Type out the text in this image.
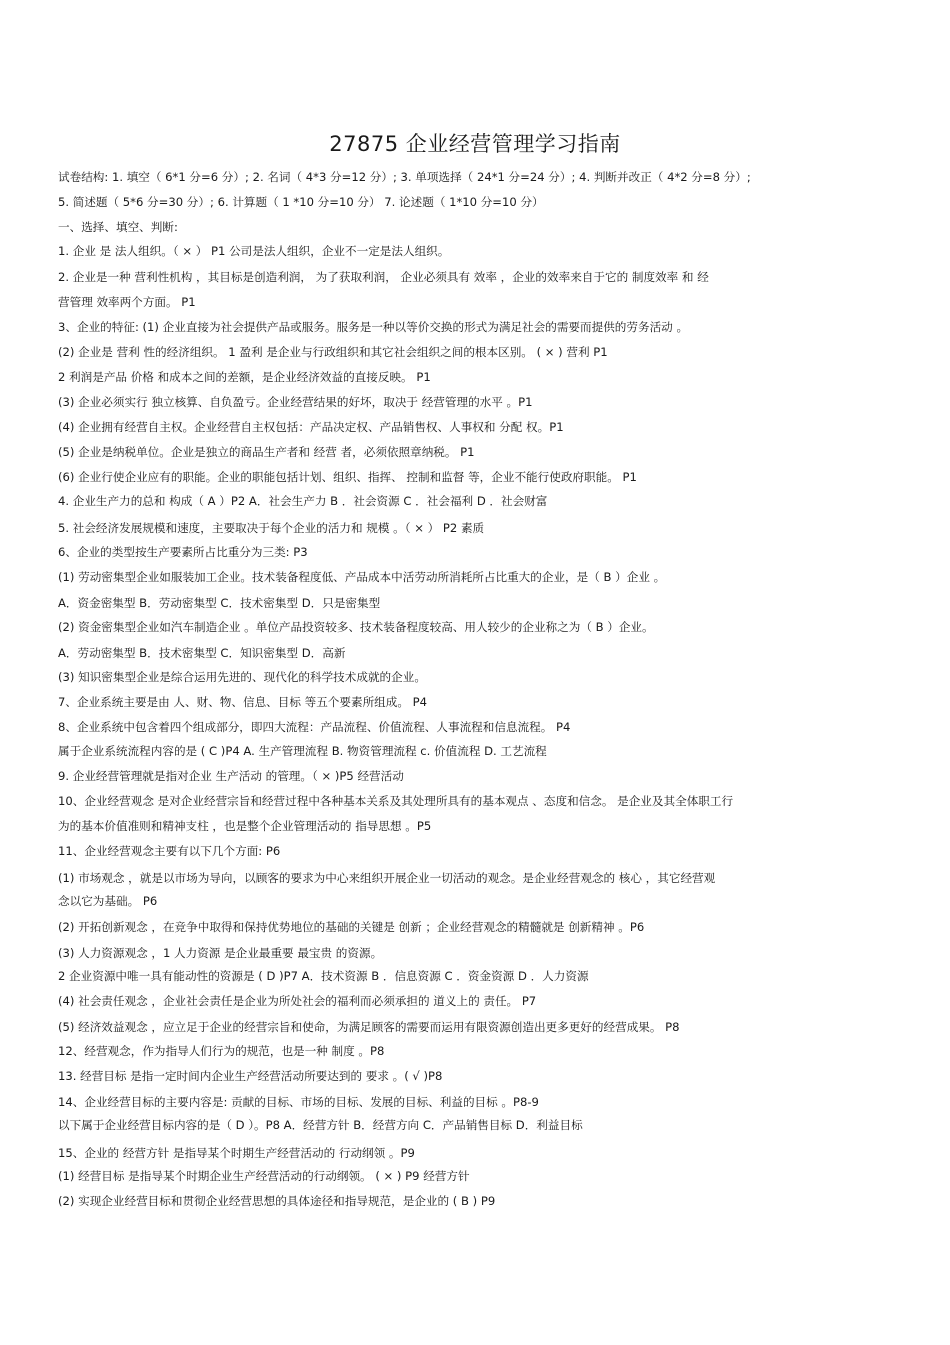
27875 企业经营管理学习指南

试卷结构: 1. 填空（ 6*1 分=6 分）; 2. 名词（ 4*3 分=12 分）; 3. 单项选择（ 24*1 分=24 分）; 4. 判断并改正（ 4*2 分=8 分）;

5. 简述题（ 5*6 分=30 分）; 6. 计算题（ 1 *10 分=10 分） 7. 论述题（ 1*10 分=10 分）

一、选择、填空、判断:

1. 企业 是 法人组织。（ × ） P1 公司是法人组织，企业不一定是法人组织。

2. 企业是一种 营利性机构 ，其目标是创造利润， 为了获取利润， 企业必须具有 效率 ，企业的效率来自于它的 制度效率 和 经

营管理 效率两个方面。 P1

3、企业的特征: (1) 企业直接为社会提供产品或服务。服务是一种以等价交换的形式为满足社会的需要而提供的劳务活动 。

(2) 企业是 营利 性的经济组织。 1 盈利 是企业与行政组织和其它社会组织之间的根本区别。 ( × ) 营利 P1

2 利润是产品 价格 和成本之间的差额，是企业经济效益的直接反映。 P1

(3) 企业必须实行 独立核算、自负盈亏。企业经营结果的好坏，取决于 经营管理的水平 。P1

(4) 企业拥有经营自主权。企业经营自主权包括：产品决定权、产品销售权、人事权和 分配 权。P1

(5) 企业是纳税单位。企业是独立的商品生产者和 经营 者，必须依照章纳税。 P1

(6) 企业行使企业应有的职能。企业的职能包括计划、组织、指挥、 控制和监督 等，企业不能行使政府职能。 P1

4. 企业生产力的总和 构成（ A ）P2 A．社会生产力 B ．社会资源 C ．社会福利 D ．社会财富

5. 社会经济发展规模和速度，主要取决于每个企业的活力和 规模 。（ × ） P2 素质

6、企业的类型按生产要素所占比重分为三类: P3

(1) 劳动密集型企业如服装加工企业。技术装备程度低、产品成本中活劳动所消耗所占比重大的企业，是（ B ）企业 。

A．资金密集型 B．劳动密集型 C．技术密集型 D．只是密集型

(2) 资金密集型企业如汽车制造企业 。单位产品投资较多、技术装备程度较高、用人较少的企业称之为（ B ）企业。

A．劳动密集型 B．技术密集型 C．知识密集型 D．高新

(3) 知识密集型企业是综合运用先进的、现代化的科学技术成就的企业。

7、企业系统主要是由 人、财、物、信息、目标 等五个要素所组成。 P4

8、企业系统中包含着四个组成部分，即四大流程：产品流程、价值流程、人事流程和信息流程。 P4

属于企业系统流程内容的是 ( C )P4 A. 生产管理流程 B. 物资管理流程 c. 价值流程 D. 工艺流程

9. 企业经营管理就是指对企业 生产活动 的管理。（ × )P5 经营活动

10、企业经营观念 是对企业经营宗旨和经营过程中各种基本关系及其处理所具有的基本观点 、态度和信念。 是企业及其全体职工行

为的基本价值准则和精神支柱 ，也是整个企业管理活动的 指导思想 。P5

11、企业经营观念主要有以下几个方面: P6

(1) 市场观念 ，就是以市场为导向，以顾客的要求为中心来组织开展企业一切活动的观念。是企业经营观念的 核心 ，其它经营观

念以它为基础。 P6

(2) 开拓创新观念 ，在竞争中取得和保持优势地位的基础的关键是 创新 ；企业经营观念的精髓就是 创新精神 。P6

(3) 人力资源观念 ，1 人力资源 是企业最重要 最宝贵 的资源。

2 企业资源中唯一具有能动性的资源是 ( D )P7 A．技术资源 B ．信息资源 C ．资金资源 D ．人力资源

(4) 社会责任观念 ，企业社会责任是企业为所处社会的福利而必须承担的 道义上的 责任。 P7

(5) 经济效益观念 ，应立足于企业的经营宗旨和使命，为满足顾客的需要而运用有限资源创造出更多更好的经营成果。 P8

12、经营观念，作为指导人们行为的规范，也是一种 制度 。P8

13. 经营目标 是指一定时间内企业生产经营活动所要达到的 要求 。( √ )P8

14、企业经营目标的主要内容是: 贡献的目标、市场的目标、发展的目标、利益的目标 。P8-9

以下属于企业经营目标内容的是（ D ）。P8 A．经营方针 B．经营方向 C．产品销售目标 D．利益目标

15、企业的 经营方针 是指导某个时期生产经营活动的 行动纲领 。P9

(1) 经营目标 是指导某个时期企业生产经营活动的行动纲领。 ( × ) P9 经营方针

(2) 实现企业经营目标和贯彻企业经营思想的具体途径和指导规范，是企业的 ( B ) P9
